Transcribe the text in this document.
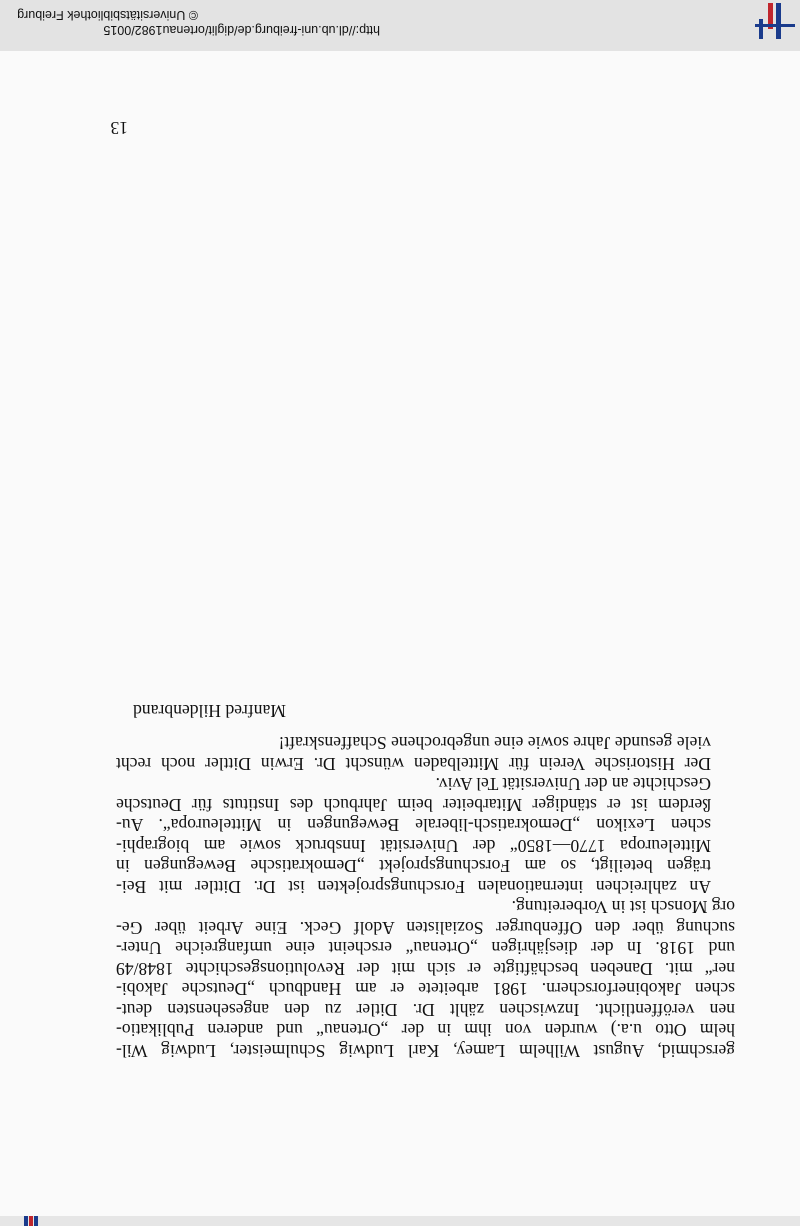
gerschmid, August Wilhelm Lamey, Karl Ludwig Schulmeister, Ludwig Wil-
helm Otto u.a.) wurden von ihm in der „Ortenau“ und anderen Publikatio-
nen veröffentlicht. Inzwischen zählt Dr. Ditler zu den angesehensten deut-
schen Jakobinerforschern. 1981 arbeitete er am Handbuch „Deutsche Jakobi-
ner“ mit. Daneben beschäftigte er sich mit der Revolutionsgeschichte 1848/49
und 1918. In der diesjährigen „Ortenau“ erscheint eine umfangreiche Unter-
suchung über den Offenburger Sozialisten Adolf Geck. Eine Arbeit über Ge-
org Monsch ist in Vorbereitung.

An zahlreichen internationalen Forschungsprojekten ist Dr. Dittler mit Bei-
trägen beteiligt, so am Forschungsprojekt „Demokratische Bewegungen in
Mitteleuropa 1770—1850“ der Universität Innsbruck sowie am biographi-
schen Lexikon „Demokratisch-liberale Bewegungen in Mitteleuropa“. Au-
ßerdem ist er ständiger Mitarbeiter beim Jahrbuch des Instituts für Deutsche
Geschichte an der Universität Tel Aviv.

Der Historische Verein für Mittelbaden wünscht Dr. Erwin Dittler noch recht
viele gesunde Jahre sowie eine ungebrochene Schaffenskraft!

Manfred Hildenbrand
13
http://dl.ub.uni-freiburg.de/diglit/ortenau1982/0015
© Universitätsbibliothek Freiburg
